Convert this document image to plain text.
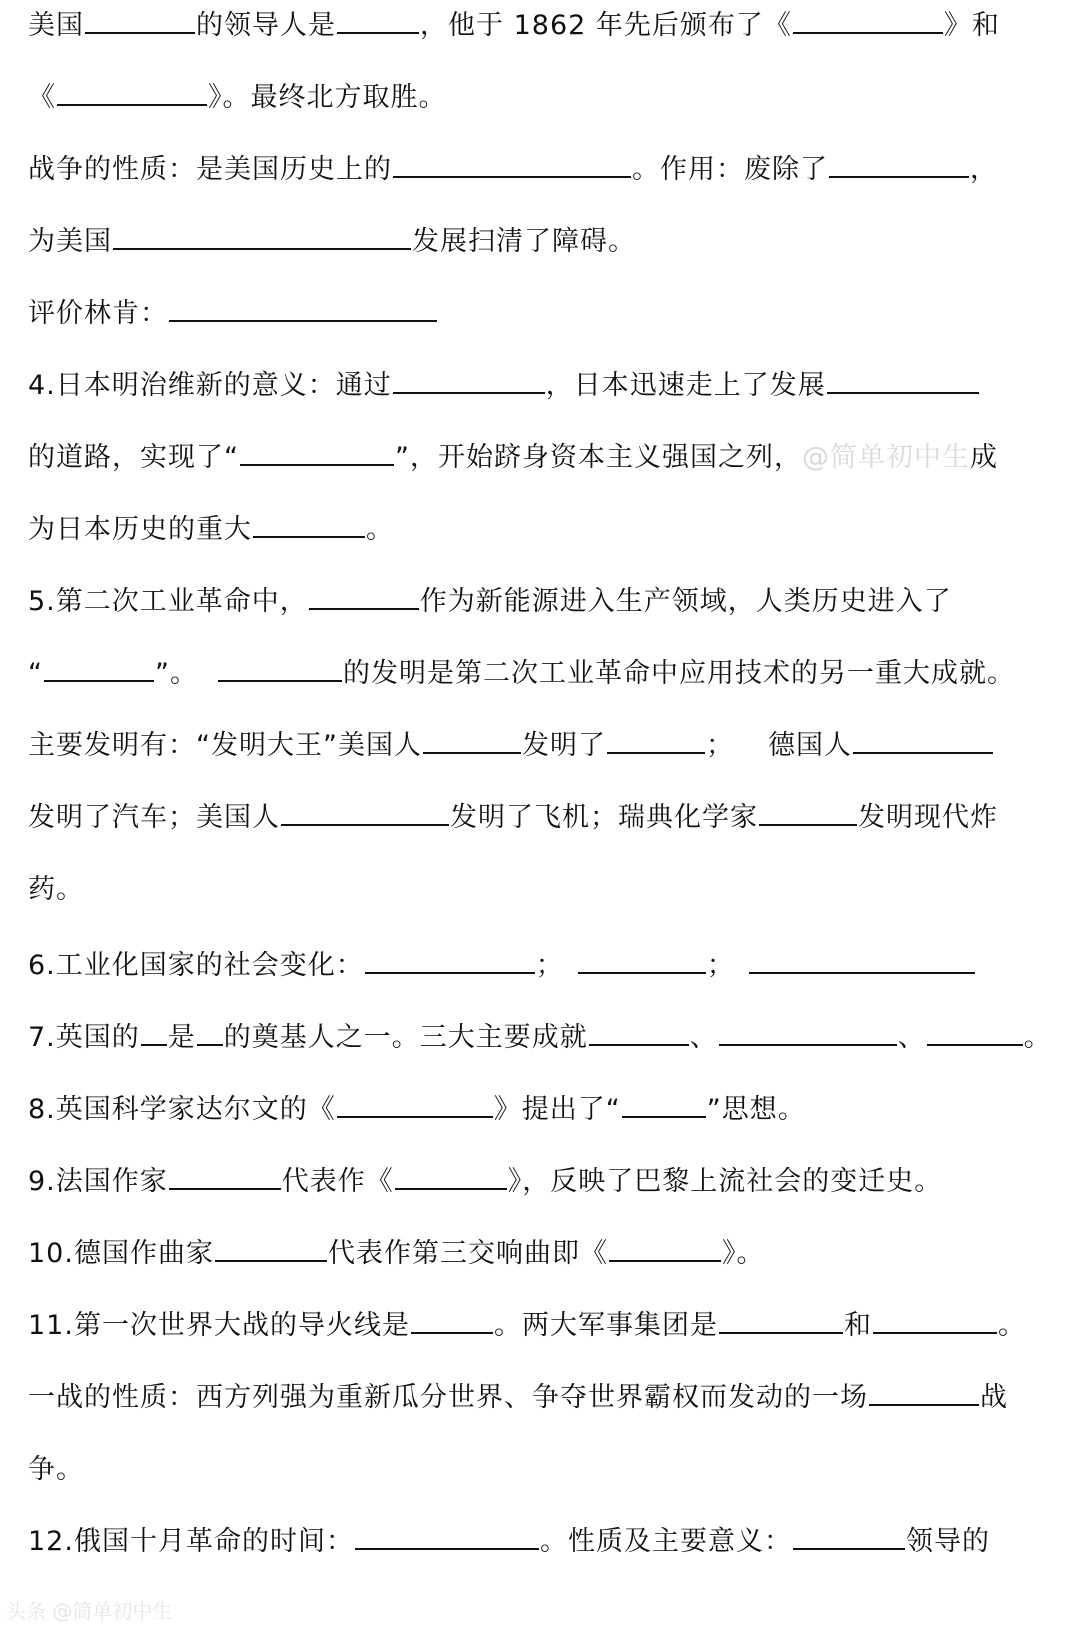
美国	的领导人是	，他于 1862 年先后颁布了《	》和
《	》。最终北方取胜。
战争的性质：是美国历史上的	。作用：废除了	，
为美国	发展扫清了障碍。
评价林肯：
4.日本明治维新的意义：通过	，日本迅速走上了发展
的道路，实现了“	”，开始跻身资本主义强国之列，@简单初中生成
为日本历史的重大	。
5.第二次工业革命中，	作为新能源进入生产领域，人类历史进入了
“	”。	的发明是第二次工业革命中应用技术的另一重大成就。
主要发明有：“发明大王”美国人	发明了	； 德国人
发明了汽车；美国人	发明了飞机；瑞典化学家	发明现代炸
药。
6.工业化国家的社会变化：	；	；
7.英国的 是 的奠基人之一。三大主要成就	、	、	。
8.英国科学家达尔文的《	》提出了“	”思想。
9.法国作家	代表作《	》，反映了巴黎上流社会的变迁史。
10.德国作曲家	代表作第三交响曲即《	》。
11.第一次世界大战的导火线是	。两大军事集团是	和	。
一战的性质：西方列强为重新瓜分世界、争夺世界霸权而发动的一场	战
争。
12.俄国十月革命的时间：	。性质及主要意义：	领导的
头条 @简单初中生
